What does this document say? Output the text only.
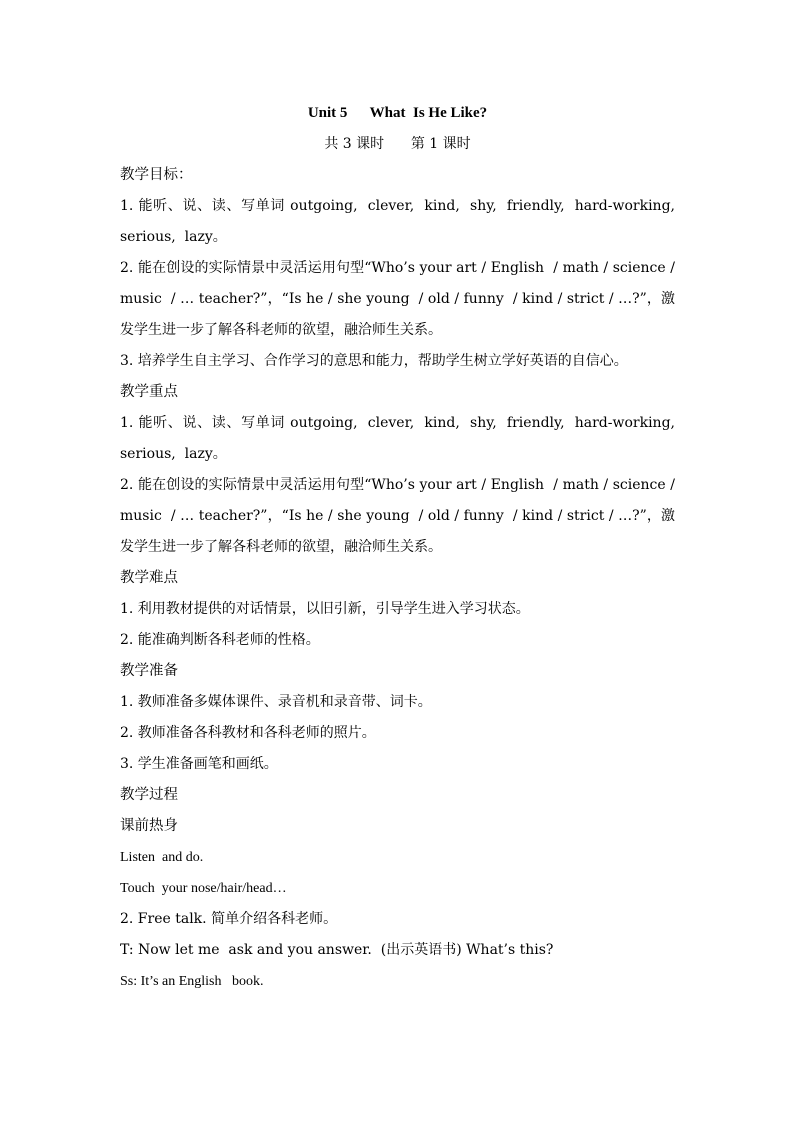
Unit 5      What  Is He Like?
共 3 课时      第 1 课时
教学目标：
1. 能听、说、读、写单词 outgoing,  clever,  kind,  shy,  friendly,  hard-working, serious,  lazy。
2. 能在创设的实际情景中灵活运用句型“Who’s your art / English  / math / science / music  / … teacher?”，“Is he / she young  / old / funny  / kind / strict / …?”，激发学生进一步了解各科老师的欲望，融洽师生关系。
3. 培养学生自主学习、合作学习的意思和能力，帮助学生树立学好英语的自信心。
教学重点
1. 能听、说、读、写单词 outgoing,  clever,  kind,  shy,  friendly,  hard-working, serious,  lazy。
2. 能在创设的实际情景中灵活运用句型“Who’s your art / English  / math / science / music  / … teacher?”，“Is he / she young  / old / funny  / kind / strict / …?”，激发学生进一步了解各科老师的欲望，融洽师生关系。
教学难点
1. 利用教材提供的对话情景，以旧引新，引导学生进入学习状态。
2. 能准确判断各科老师的性格。
教学准备
1. 教师准备多媒体课件、录音机和录音带、词卡。
2. 教师准备各科教材和各科老师的照片。
3. 学生准备画笔和画纸。
教学过程
课前热身
Listen  and do.
Touch  your nose/hair/head…
2. Free talk. 简单介绍各科老师。
T: Now let me  ask and you answer.  (出示英语书) What’s this?
Ss: It’s an English   book.
